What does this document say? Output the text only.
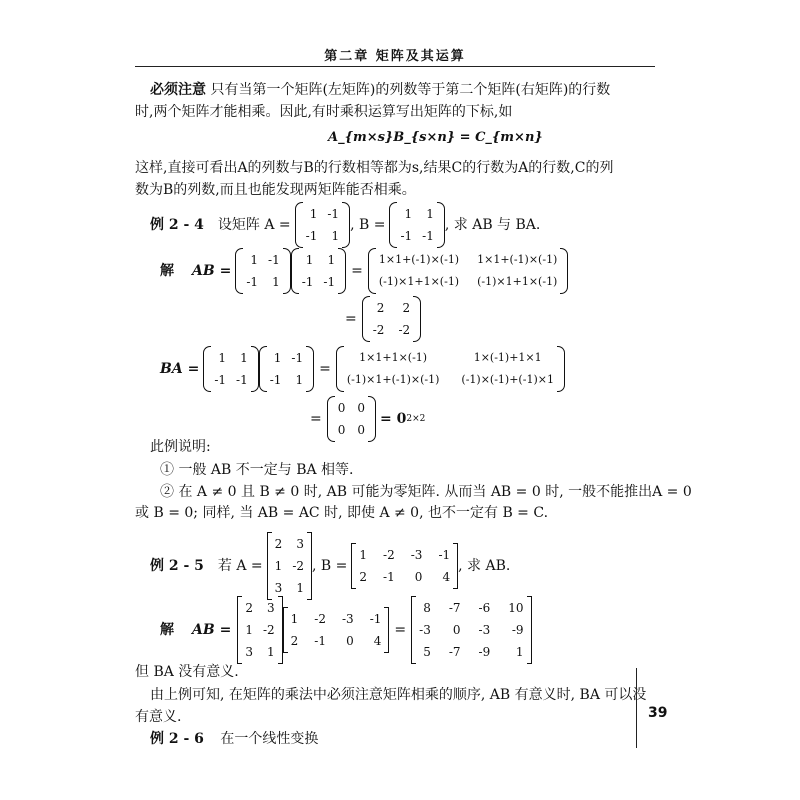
第二章 矩阵及其运算
必须注意 只有当第一个矩阵(左矩阵)的列数等于第二个矩阵(右矩阵)的行数
时,两个矩阵才能相乘。因此,有时乘积运算写出矩阵的下标,如
A_{m×s}B_{s×n} = C_{m×n}
这样,直接可看出A的列数与B的行数相等都为s,结果C的行数为A的行数,C的列
数为B的列数,而且也能发现两矩阵能否相乘。
例 2 - 4 设矩阵 A =
1 -1
-1	1
, B =
1	1
-1 -1
, 求 AB 与 BA.
解 AB =
1 -1
-1	1
1	1
-1 -1
=
1×1+(-1)×(-1) 1×1+(-1)×(-1)
(-1)×1+1×(-1) (-1)×1+1×(-1)
=
2	2
-2 -2
BA =
1	1
-1 -1
1 -1
-1	1
=
1×1+1×(-1)	1×(-1)+1×1
(-1)×1+(-1)×(-1) (-1)×(-1)+(-1)×1
=
0 0
0 0
= 0 2×2
此例说明:
① 一般 AB 不一定与 BA 相等.
② 在 A ≠ 0 且 B ≠ 0 时, AB 可能为零矩阵. 从而当 AB = 0 时, 一般不能推出A = 0
或 B = 0; 同样, 当 AB = AC 时, 即使 A ≠ 0, 也不一定有 B = C.
例 2 - 5 若 A =
2	3
1 -2
3	1
, B =
1 -2 -3 -1
2 -1	0	4
, 求 AB.
解 AB =
2	3
1 -2
3	1
1 -2 -3 -1
2 -1	0	4
=
8 -7 -6 10
-3	0 -3 -9
5 -7 -9	1
但 BA 没有意义.
由上例可知, 在矩阵的乘法中必须注意矩阵相乘的顺序, AB 有意义时, BA 可以没
有意义.
例 2 - 6 在一个线性变换
39
